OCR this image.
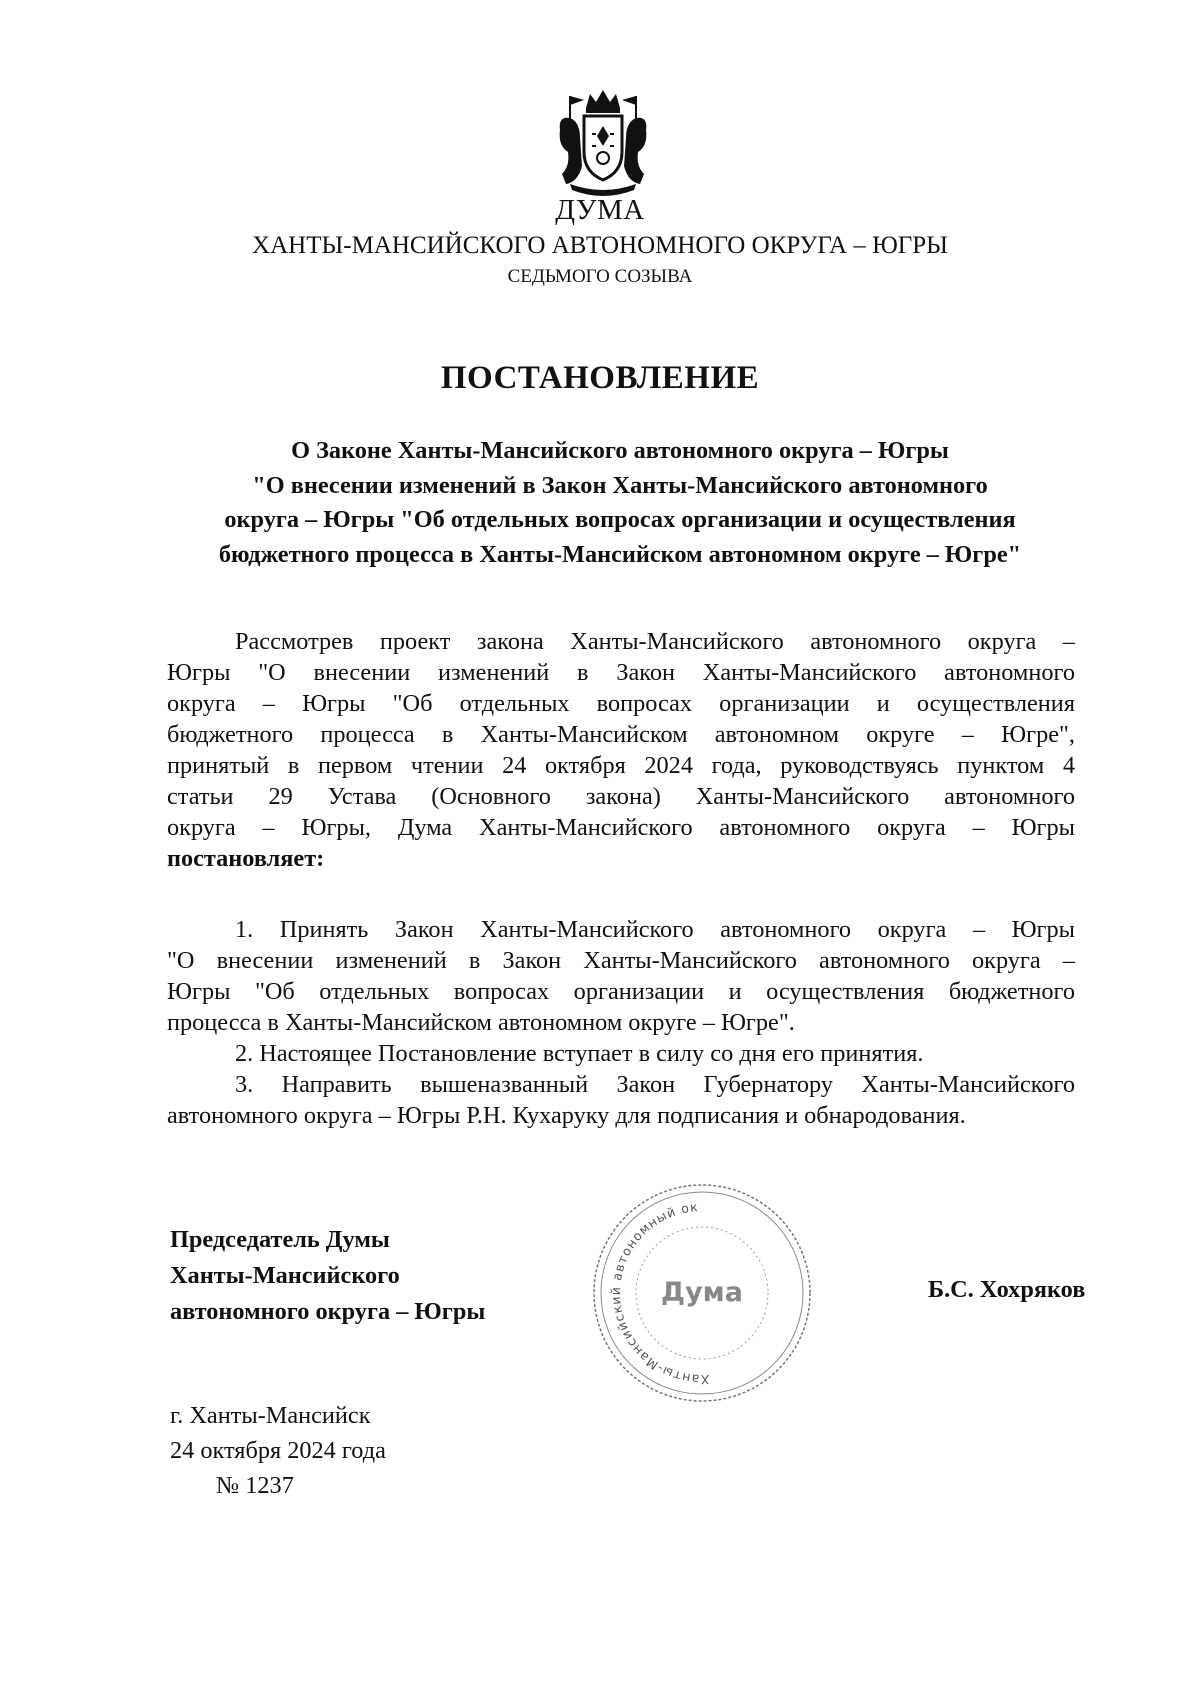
ДУМА
ХАНТЫ-МАНСИЙСКОГО АВТОНОМНОГО ОКРУГА – ЮГРЫ
СЕДЬМОГО СОЗЫВА
ПОСТАНОВЛЕНИЕ
О Законе Ханты-Мансийского автономного округа – Югры
"О внесении изменений в Закон Ханты-Мансийского автономного
округа – Югры "Об отдельных вопросах организации и осуществления
бюджетного процесса в Ханты-Мансийском автономном округе – Югре"
Рассмотрев проект закона Ханты-Мансийского автономного округа –
Югры "О внесении изменений в Закон Ханты-Мансийского автономного
округа – Югры "Об отдельных вопросах организации и осуществления
бюджетного процесса в Ханты-Мансийском автономном округе – Югре",
принятый в первом чтении 24 октября 2024 года, руководствуясь пунктом 4
статьи 29 Устава (Основного закона) Ханты-Мансийского автономного
округа – Югры, Дума Ханты-Мансийского автономного округа – Югры
постановляет:
1. Принять Закон Ханты-Мансийского автономного округа – Югры
"О внесении изменений в Закон Ханты-Мансийского автономного округа –
Югры "Об отдельных вопросах организации и осуществления бюджетного
процесса в Ханты-Мансийском автономном округе – Югре".
2. Настоящее Постановление вступает в силу со дня его принятия.
3. Направить вышеназванный Закон Губернатору Ханты-Мансийского
автономного округа – Югры Р.Н. Кухаруку для подписания и обнародования.
Председатель Думы
Ханты-Мансийского
автономного округа – Югры
Ханты-Мансийский автономный округ
Дума	Б.С. Хохряков
г. Ханты-Мансийск
24 октября 2024 года
№ 1237
